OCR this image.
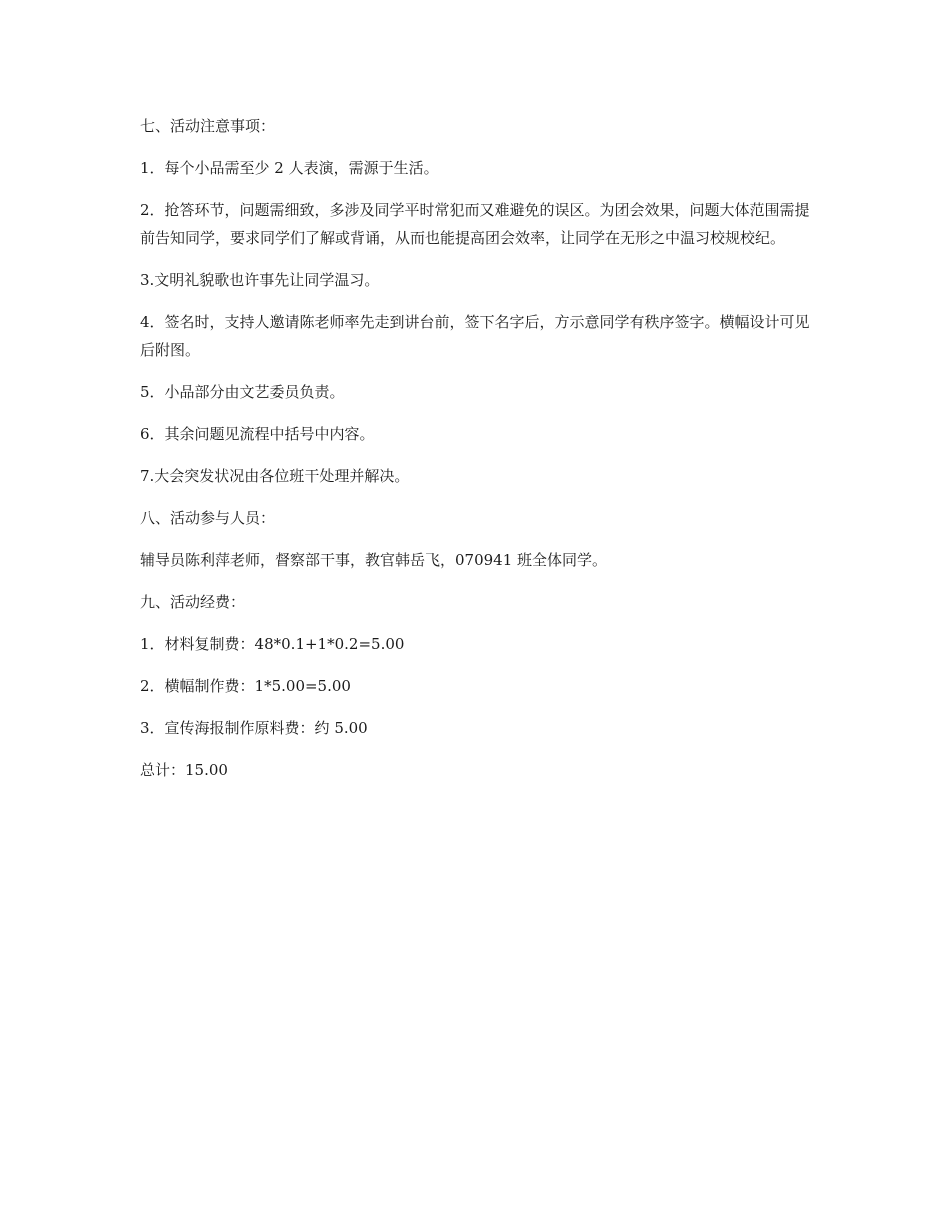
七、活动注意事项：

1．每个小品需至少 2 人表演，需源于生活。

2．抢答环节，问题需细致，多涉及同学平时常犯而又难避免的误区。为团会效果，问题大体范围需提前告知同学，要求同学们了解或背诵，从而也能提高团会效率，让同学在无形之中温习校规校纪。

3.文明礼貌歌也许事先让同学温习。

4．签名时，支持人邀请陈老师率先走到讲台前，签下名字后，方示意同学有秩序签字。横幅设计可见后附图。

5．小品部分由文艺委员负责。

6．其余问题见流程中括号中内容。

7.大会突发状况由各位班干处理并解决。

八、活动参与人员：

辅导员陈利萍老师，督察部干事，教官韩岳飞，070941 班全体同学。

九、活动经费：

1．材料复制费：48*0.1+1*0.2=5.00

2．横幅制作费：1*5.00=5.00

3．宣传海报制作原料费：约 5.00

总计：15.00
